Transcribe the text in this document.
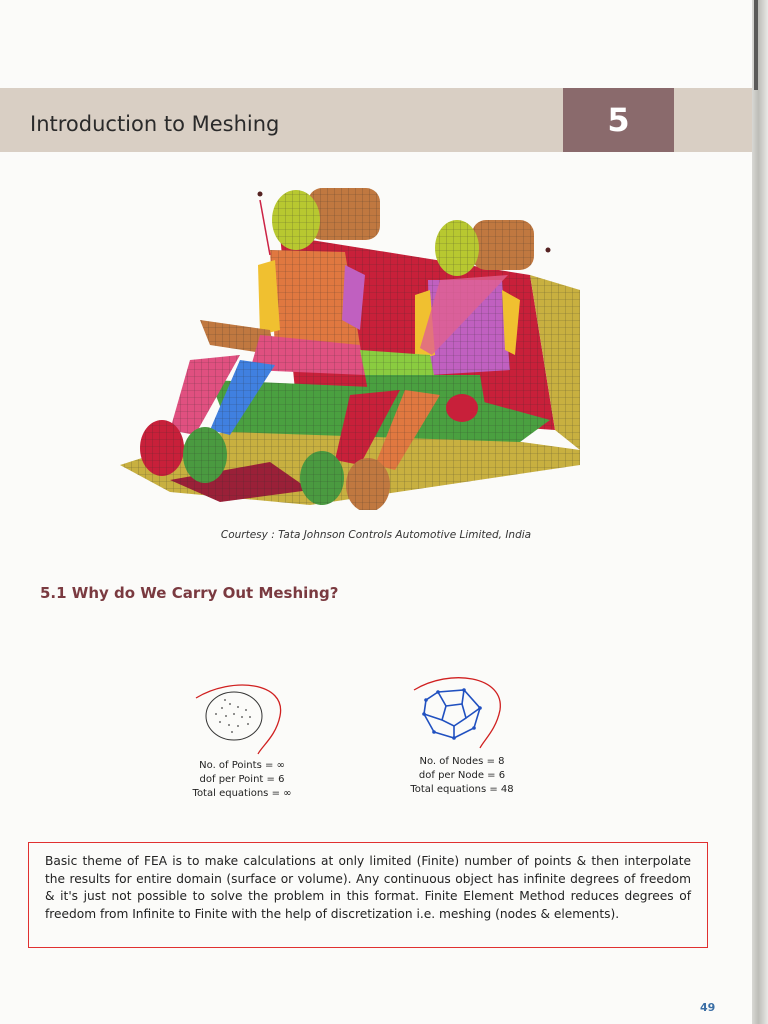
Introduction to Meshing	5
Courtesy : Tata Johnson Controls Automotive Limited, India
5.1 Why do We Carry Out Meshing?
No. of Points = ∞
dof per Point = 6
Total equations = ∞
No. of Nodes = 8
dof per Node = 6
Total equations = 48
Basic theme of FEA is to make calculations at only limited (Finite) number of points & then interpolate the results for entire domain (surface or volume). Any continuous object has infinite degrees of freedom & it's just not possible to solve the problem in this format. Finite Element Method reduces degrees of freedom from Infinite to Finite with the help of discretization i.e. meshing (nodes & elements).
49
